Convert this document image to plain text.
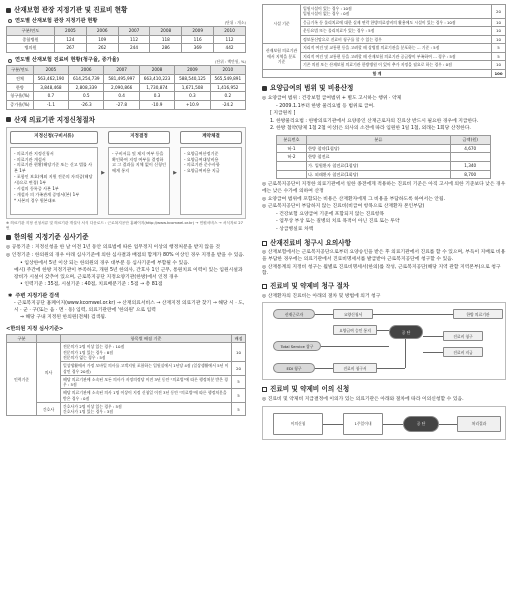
산재보험 관장 지정기관 및 진료비 현황
연도별 산재보험 관장 지정기관 현황	(단위 : 개소)
구분/연도	2005	2006	2007	2008	2009	2010
종합병원	124	109	112	118	116	112
병의원	267	262	244	286	369	442
연도별 산재보험 진료비 현황(청구율, 증가율)	(단위 : 백만원, %)
구분/연도	2005	2006	2007	2008	2009	2010
전체	563,462,190	614,254,739	581,495,997	663,410,223	588,540,125	565,549,891
한방	3,848,468	2,808,339	2,090,866	1,730,874	1,671,508	1,416,952
청구율(%)	0.7	0.5	0.4	0.3	0.3	0.2
증가율(%)	-1.1	-26.3	-27.8	-10.9	+10.9	-24.2
산재 의료기관 지정신청절차
지정신청(구비서류)
- 의료기관 지정신청서
- 의료기관 개설서
- 의료기관 현황(해당기준 또는 신고 법률 사본 1부
- 포함인 보호(예외 지원 전문의 자격증(해당시)으로 변경) 1부
- 시설의 등록증 사본 1부
- 개설자 의 가족관계 증명서(본) 1부
* 사본의 경우 원본대조
▶
지정결정
- 구비서류 및 제저 여부 등을 확인하여 지정 여부를 결정하고 그 결과를 지체 없이 신청인에게 통지	▶
계약체결
- 요양급여산정기준
- 요양급여대상비용
- 의료기관 준수사항
- 요양급여비용 지급
※ 의료기관 지정 신청서류 및 의료기관 개설사 서식 다운로드 : 근로복지공단 홈페이지(http://www.kcomwel.or.kr) → 민원서비스 → 서식자료 27번
한의원 지정기준 심사기준
◎ 공통기준 : 지정신청을 한 날 이전 1년 동안 의료법에 따른 업무정지 이상의 행정처분을 받지 않을 것
◎ 인정기준 : 한의원의 경우 아래 심사기준에 의한 심사결과 배점의 합계가 80% 이상인 경우 지정을 받을 수 있음.
• 입상한에서 5년 이상 되는 한의원의 경우 대부분 등 심사기준에 부합될 수 있음.
예시) 주간에 한방 지정기관이 부족하고, 개원 5년 한의사, 간호사 1인 근무, 통원치료 이력이 있는 입원시설과 장비가 시설이 갖추어 있으며, 근로복지공단 지정요양기관(한방)에서 인정 경우
• 인력기준 : 35점, 시설기준 : 40점, 치료배분기준 : 5점 → 총 81점
✱ 주변 지정기관 검색
- 근로복지공단 홈페이지(www.kcomwel.or.kr) → 산재의료서비스 → 산재지정 의료기관 찾기 → 해당 시 · 도, 시 · 군 · 구(또는 읍 · 면 · 동) 입력, 의료기관란에 '한의원' 으로 입력
⇒ 해당 구내 지정된 한의원(전체) 검색됨.
<한의원 지정 심사기준>
구분		항목별 배점 기준	배점
인력기준	의사	전문의가 2명 이상 있는 경우 : 10점
전문의가 1명 있는 경우 : 8점
전문의가 없는 경우 : 5점	10
		일상생활에서 가정 모바일 의사를 고객지원 포함하는 입원실에서 1년당 4점 (일상생활에서 5년 이상인 경우 20점)	20
		해당 의료기관에 소속된 모든 의사가 지정의정당 이전 3년 동안 "의료법"에 따른 행정처분 받은 경우 : 5점	5
		해당 의료기관에 소속된 의사 1명 이상이 지정 신청일 이전 3년 동안 "의료법"에 따른 행정처분을 받은 경우 : 0점	5
	간호사	간호사가 2명 이상 있는 경우 : 5점
간호사가 1명 있는 경우 : 3점	5
시설 기준	입원시설이 있는 경우 : 10점
입원시설이 없는 경우 : 0점	20
	응급기록 등 물리치료에 대한 실제 연락 한방의료장비의 활용에도 시설이 있는 경우 : 10점	10
	운동요법 또는 물리치료가 있는 경우 : 5점	10
	정보통신망으로 진료비 청구를 할 수 있는 경우	10
산재보험 의료기관에서 지역을 분포 기준	지리적 여건 및 교통편 등을 고려할 때 상병별 의료기관을 분포하는 ... 기준 : 5점	5
	지리적 여건 및 교통편 등을 고려할 때 산재보험 의료기관 공급량이 부족하여 ... 경우 : 5점	5
	기존 의원 또는 산재보험 의료기관 한방병원 이 있어 추가 지정을 필요로 하는 경우 : 0점	10
합 계		100
요양급여의 범위 및 비용산정
◎ 요양급여 범위 : 건강보험 급여범위 + 별도 고시하는 행위 · 약제
- 2009.1.1부터 한방 물리요법 등 범위로 급여.
[ 지급원칙 ]
1. 한방물리요법 : 한방의료기관에서 요양중인 산재근로자의 진료상 반드시 필요한 경우에 지급한다.
2. 한방 첩약(탕제 1첩 2첩 이상)은 의사의 소견에 따라 입원한 1일 1첩, 외래는 1회당 산정한다.
분류번호	분류	금액(원)
허-1	한방 첩약(1첩당)	4,670
허-2	한방 첩전료	
	가. 입원환자 첩전료(1첩당)	1,340
	나. 외래환자 첩전료(1회당)	8,700
◎ 근로복지공단이 지정한 의료기관에서 일한 종전에게 적용하는 진료비 기준은 아직 고시에 의한 기준보다 낮은 경우에는 낮은 수가에 의하여 산정
◎ 요양급여 범위에 포함되는 비용은 산재환자에게 그 비용을 부담하도록 하여서는 안됨.
◎ 근로복지공단이 부담하지 않는 진료비(비급여 항목으로 산재환자 본인부담)
- 건강보험 요양급여 기준에 포함되지 않는 진료항목
- 업무상 부상 또는 질병의 치료 목적이 아닌 진료 또는 투약
- 상급병실료 차액
산재진료비 청구시 요의사항
◎ 산재보험에서는 근로복지공단으로부터 요양승인을 받은 후 의료기관에서 진료를 할 수 있으며, 부득이 지배로 비용을 부담한 경우에는 의료기관에서 진료비명세서를 발급받아 근로복지공단에 청구할 수 있음.
◎ 산재통계의 지정비 청구는 월별로 진료비명세서(한의)를 작성, 근로복지공단(해당 지역 관할 지역본부)으로 청구함.
진료비 및 약제비 청구 절차
◎ 산재환자의 진료비는 아래의 절차 및 방법에 의거 청구
산재근로자	요양신청서
공 단
한방 의료기관
Total Service 창구
요양급여 승인 통지
진료비 청구
진료비 지급
EDI 청구	진료비 청구서
진료비 및 약제비 이의 신청
◎ 진료비 및 약제비 지급결정에 이의가 있는 의료기관은 아래와 절차에 따라 이의신청할 수 있음.
이의신청	1주일이내	공 단	처리결과
